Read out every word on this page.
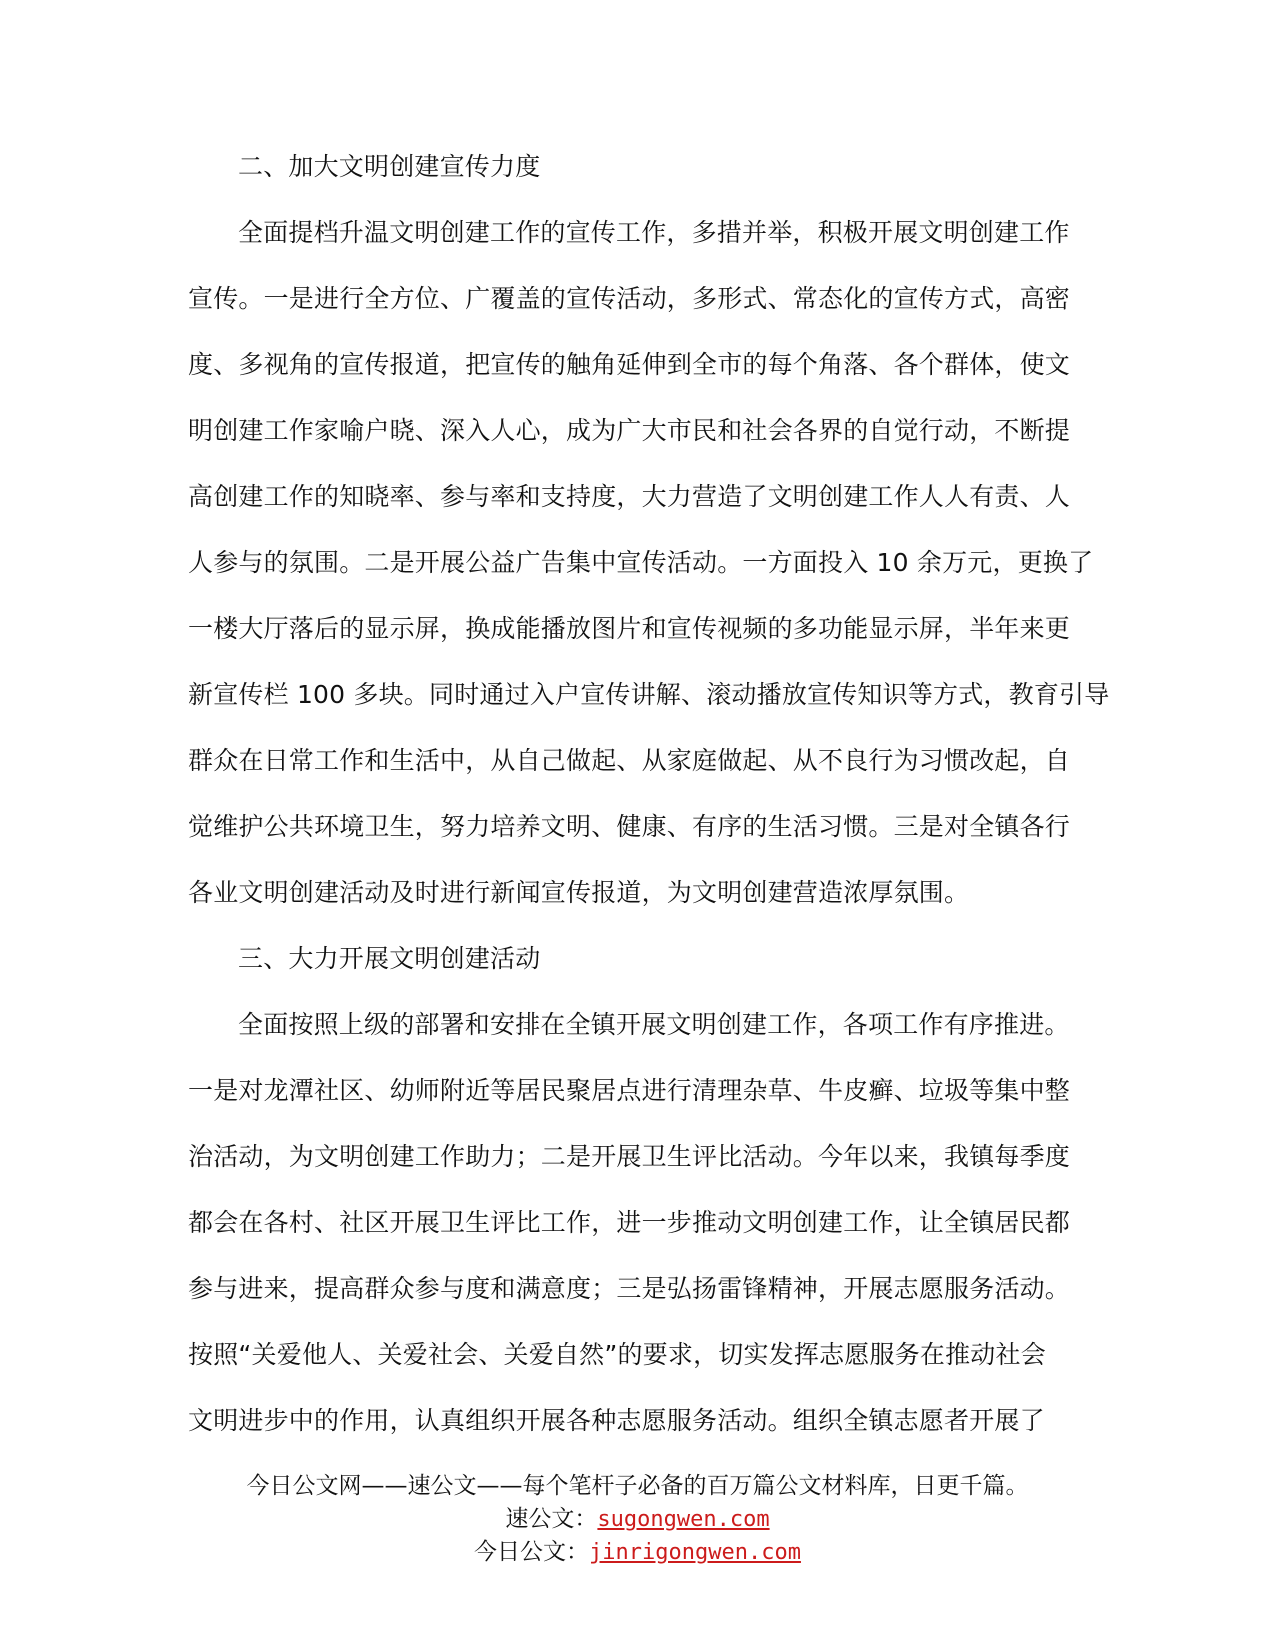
二、加大文明创建宣传力度
全面提档升温文明创建工作的宣传工作，多措并举，积极开展文明创建工作
宣传。一是进行全方位、广覆盖的宣传活动，多形式、常态化的宣传方式，高密
度、多视角的宣传报道，把宣传的触角延伸到全市的每个角落、各个群体，使文
明创建工作家喻户晓、深入人心，成为广大市民和社会各界的自觉行动，不断提
高创建工作的知晓率、参与率和支持度，大力营造了文明创建工作人人有责、人
人参与的氛围。二是开展公益广告集中宣传活动。一方面投入 10 余万元，更换了
一楼大厅落后的显示屏，换成能播放图片和宣传视频的多功能显示屏，半年来更
新宣传栏 100 多块。同时通过入户宣传讲解、滚动播放宣传知识等方式，教育引导
群众在日常工作和生活中，从自己做起、从家庭做起、从不良行为习惯改起，自
觉维护公共环境卫生，努力培养文明、健康、有序的生活习惯。三是对全镇各行
各业文明创建活动及时进行新闻宣传报道，为文明创建营造浓厚氛围。
三、大力开展文明创建活动
全面按照上级的部署和安排在全镇开展文明创建工作，各项工作有序推进。
一是对龙潭社区、幼师附近等居民聚居点进行清理杂草、牛皮癣、垃圾等集中整
治活动，为文明创建工作助力；二是开展卫生评比活动。今年以来，我镇每季度
都会在各村、社区开展卫生评比工作，进一步推动文明创建工作，让全镇居民都
参与进来，提高群众参与度和满意度；三是弘扬雷锋精神，开展志愿服务活动。
按照“关爱他人、关爱社会、关爱自然”的要求，切实发挥志愿服务在推动社会
文明进步中的作用，认真组织开展各种志愿服务活动。组织全镇志愿者开展了
今日公文网——速公文——每个笔杆子必备的百万篇公文材料库，日更千篇。
速公文：sugongwen.com
今日公文：jinrigongwen.com
